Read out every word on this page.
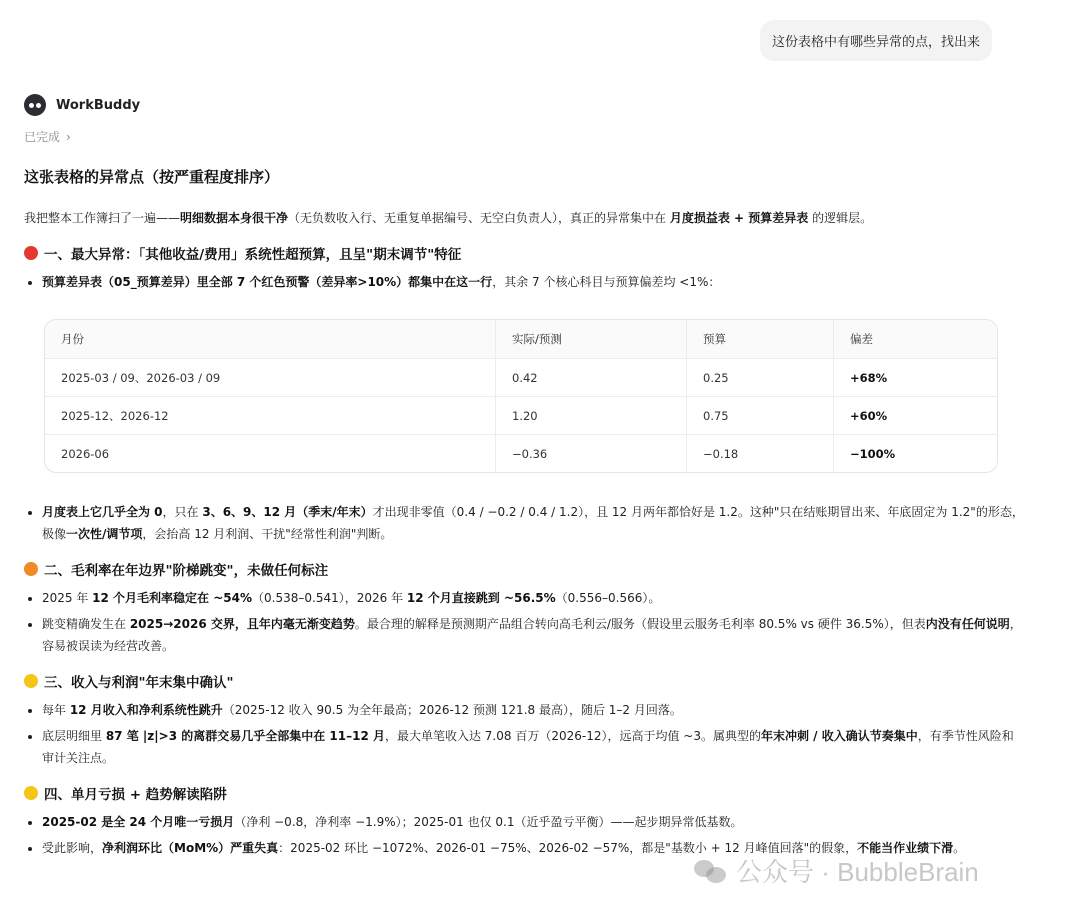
这份表格中有哪些异常的点，找出来
WorkBuddy
已完成 ›
这张表格的异常点（按严重程度排序）

我把整本工作簿扫了一遍——明细数据本身很干净（无负数收入行、无重复单据编号、无空白负责人），真正的异常集中在 月度损益表 + 预算差异表 的逻辑层。

一、最大异常：「其他收益/费用」系统性超预算，且呈"期末调节"特征
• 预算差异表（05_预算差异）里全部 7 个红色预警（差异率>10%）都集中在这一行，其余 7 个核心科目与预算偏差均 <1%：
月份	实际/预测	预算	偏差
2025-03 / 09、2026-03 / 09	0.42	0.25	+68%
2025-12、2026-12	1.20	0.75	+60%
2026-06	−0.36	−0.18	−100%
• 月度表上它几乎全为 0，只在 3、6、9、12 月（季末/年末）才出现非零值（0.4 / −0.2 / 0.4 / 1.2），且 12 月两年都恰好是 1.2。这种"只在结账期冒出来、年底固定为 1.2"的形态，极像一次性/调节项，会抬高 12 月利润、干扰"经常性利润"判断。
二、毛利率在年边界"阶梯跳变"，未做任何标注
• 2025 年 12 个月毛利率稳定在 ~54%（0.538–0.541），2026 年 12 个月直接跳到 ~56.5%（0.556–0.566）。
• 跳变精确发生在 2025→2026 交界，且年内毫无渐变趋势。最合理的解释是预测期产品组合转向高毛利云/服务（假设里云服务毛利率 80.5% vs 硬件 36.5%），但表内没有任何说明，容易被误读为经营改善。
三、收入与利润"年末集中确认"
• 每年 12 月收入和净利系统性跳升（2025-12 收入 90.5 为全年最高；2026-12 预测 121.8 最高），随后 1–2 月回落。
• 底层明细里 87 笔 |z|>3 的离群交易几乎全部集中在 11–12 月，最大单笔收入达 7.08 百万（2026-12），远高于均值 ~3。属典型的年末冲刺 / 收入确认节奏集中，有季节性风险和审计关注点。
四、单月亏损 + 趋势解读陷阱
• 2025-02 是全 24 个月唯一亏损月（净利 −0.8，净利率 −1.9%）；2025-01 也仅 0.1（近乎盈亏平衡）——起步期异常低基数。
• 受此影响，净利润环比（MoM%）严重失真：2025-02 环比 −1072%、2026-01 −75%、2026-02 −57%，都是"基数小 + 12 月峰值回落"的假象，不能当作业绩下滑。
公众号 · BubbleBrain
